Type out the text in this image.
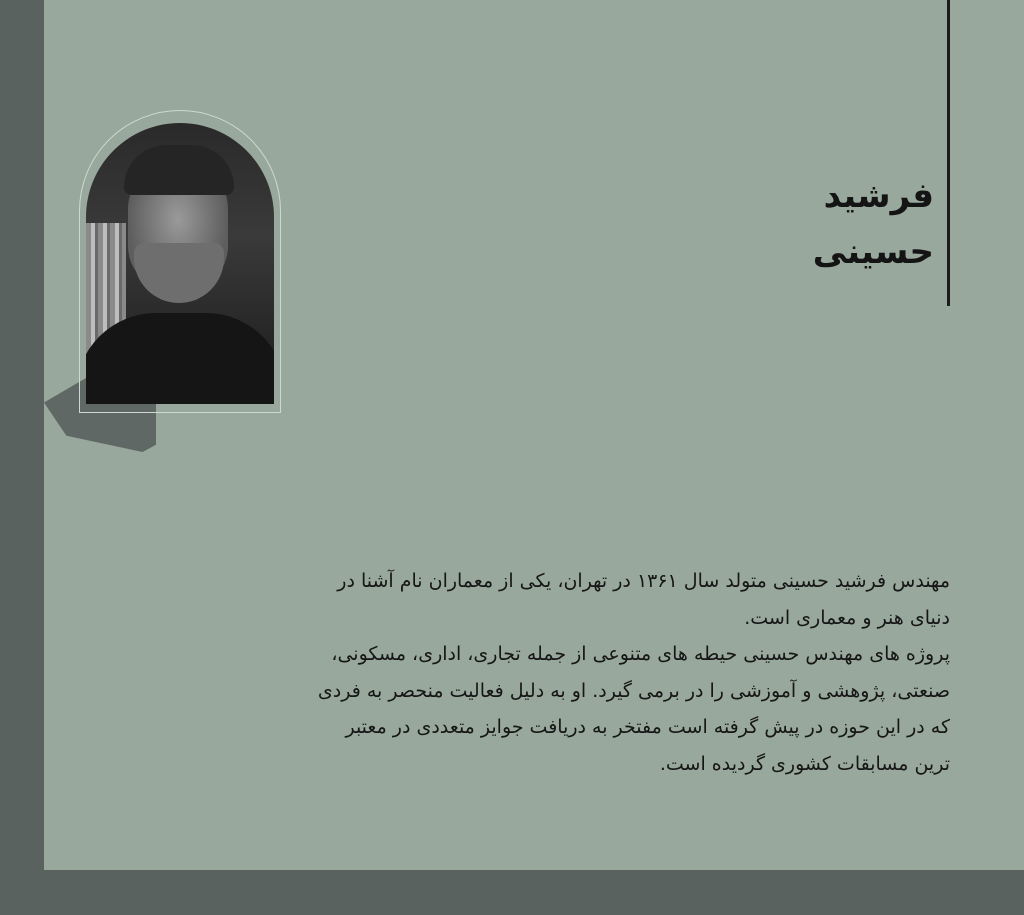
فرشید
حسینی
مهندس فرشید حسینی متولد سال ۱۳۶۱ در تهران، یکی از معماران نام آشنا در
دنیای هنر و معماری است.
پروژه های مهندس حسینی حیطه های متنوعی از جمله تجاری، اداری، مسکونی،
صنعتی، پژوهشی و آموزشی را در برمی گیرد. او به دلیل فعالیت منحصر به فردی
که در این حوزه در پیش گرفته است مفتخر به دریافت جوایز متعددی در معتبر
ترین مسابقات کشوری گردیده است.
